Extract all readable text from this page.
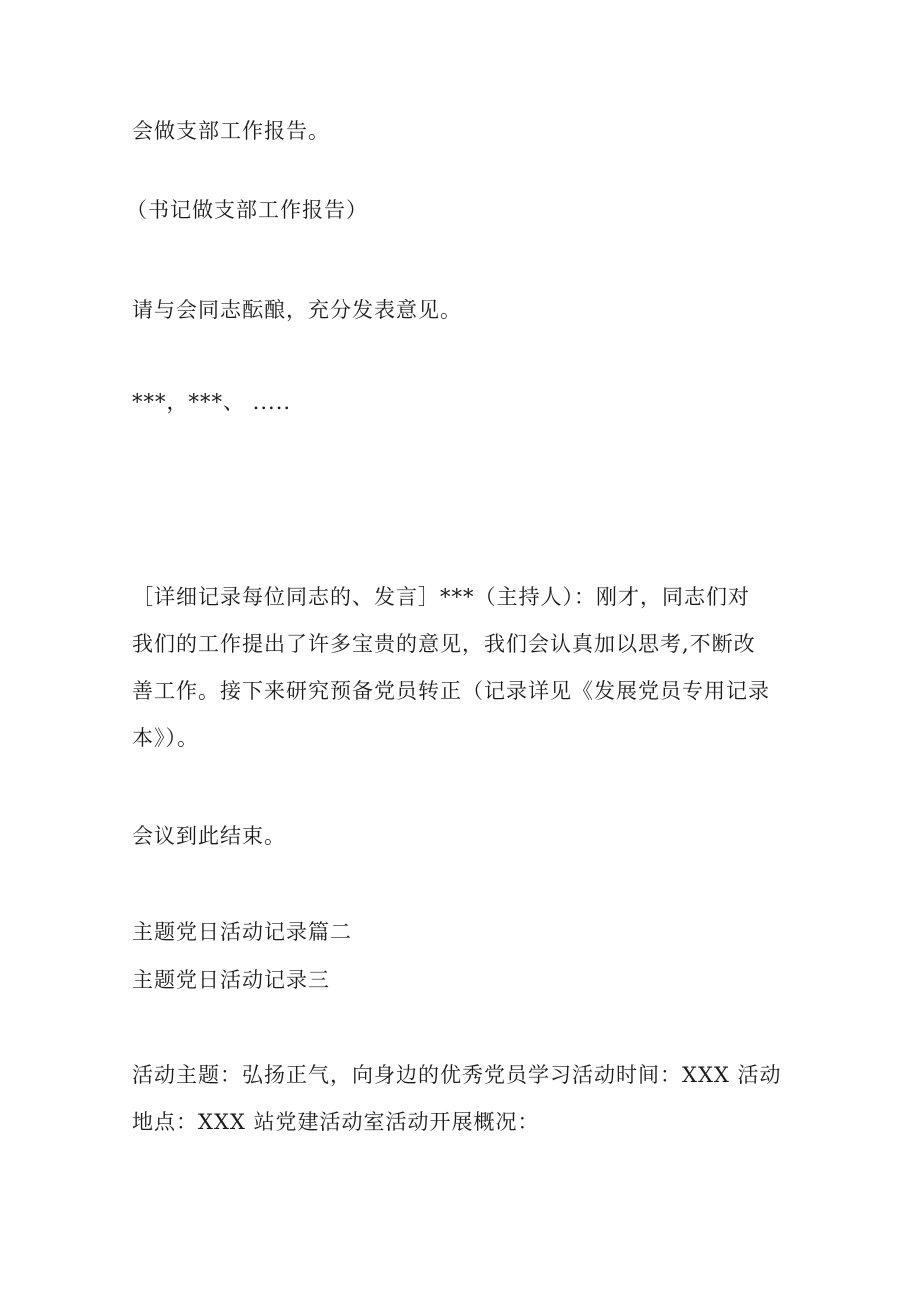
会做支部工作报告。
（书记做支部工作报告）
请与会同志酝酿，充分发表意见。
***，***、 .....
［详细记录每位同志的、发言］***（主持人）：刚才，同志们对
我们的工作提出了许多宝贵的意见，我们会认真加以思考,不断改
善工作。接下来研究预备党员转正（记录详见《发展党员专用记录
本》）。
会议到此结束。
主题党日活动记录篇二
主题党日活动记录三
活动主题：弘扬正气，向身边的优秀党员学习活动时间：XXX 活动
地点：XXX 站党建活动室活动开展概况：
